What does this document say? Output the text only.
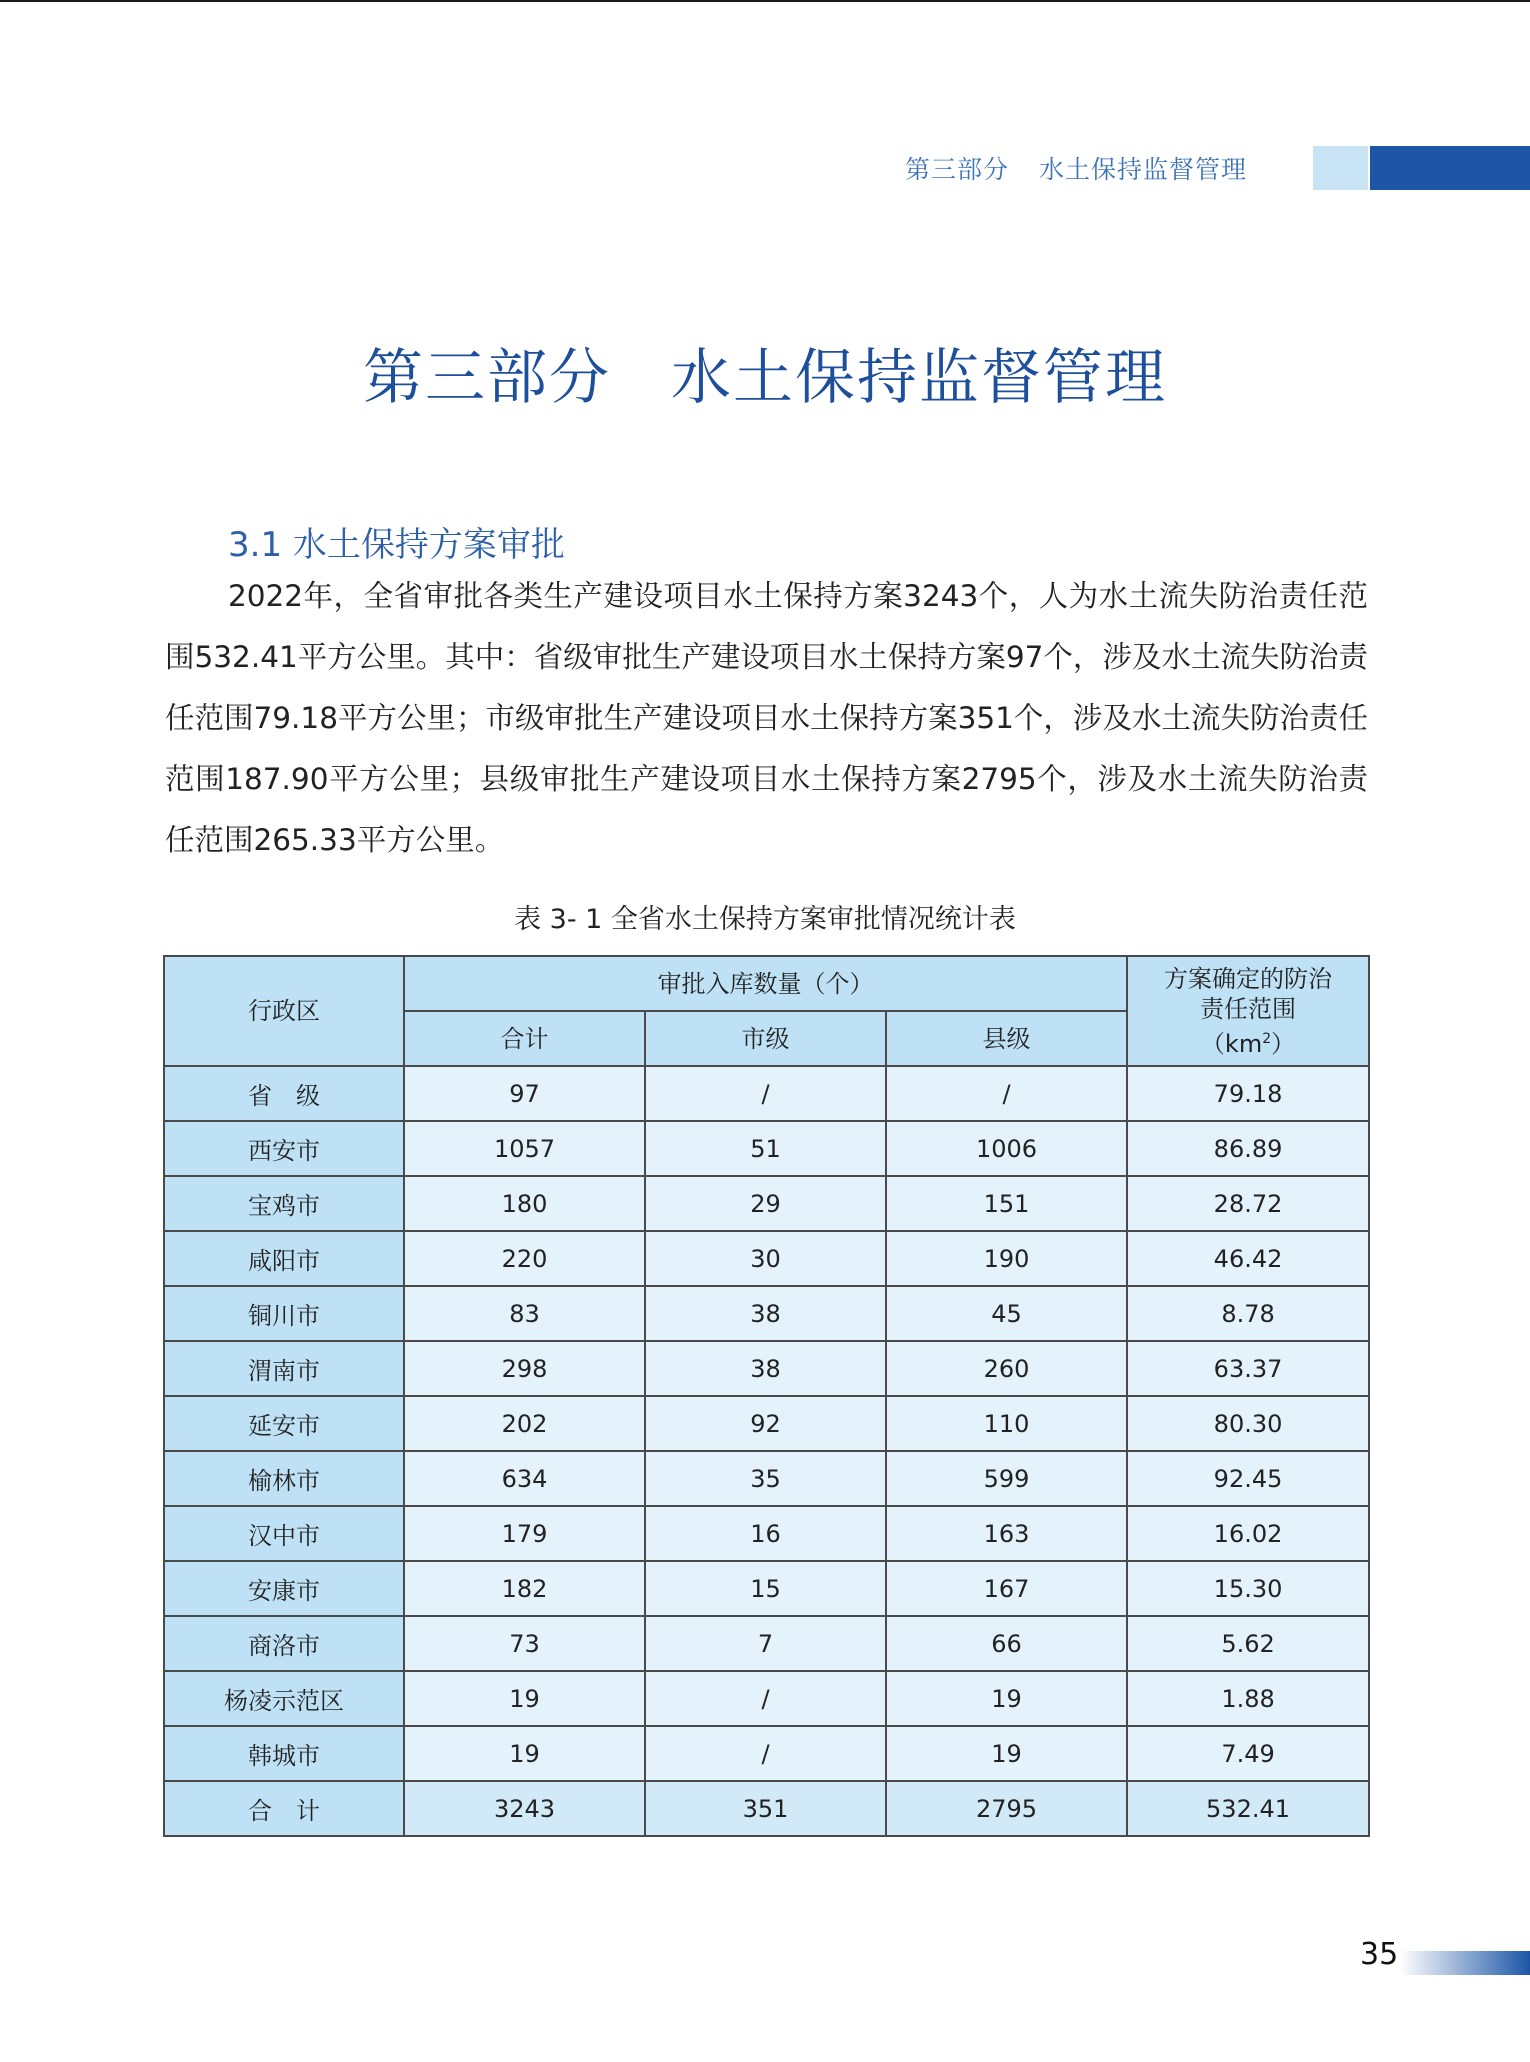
第三部分 水土保持监督管理
第三部分 水土保持监督管理
3.1 水土保持方案审批

2022年，全省审批各类生产建设项目水土保持方案3243个，人为水土流失防治责任范围532.41平方公里。其中：省级审批生产建设项目水土保持方案97个，涉及水土流失防治责任范围79.18平方公里；市级审批生产建设项目水土保持方案351个，涉及水土流失防治责任范围187.90平方公里；县级审批生产建设项目水土保持方案2795个，涉及水土流失防治责任范围265.33平方公里。

表 3- 1 全省水土保持方案审批情况统计表
行政区	审批入库数量（个）			方案确定的防治
责任范围
$(km^2)$

	合计	市级	县级	
省　级	97	/	/	79.18
西安市	1057	51	1006	86.89
宝鸡市	180	29	151	28.72
咸阳市	220	30	190	46.42
铜川市	83	38	45	8.78
渭南市	298	38	260	63.37
延安市	202	92	110	80.30
榆林市	634	35	599	92.45
汉中市	179	16	163	16.02
安康市	182	15	167	15.30
商洛市	73	7	66	5.62
杨凌示范区	19	/	19	1.88
韩城市	19	/	19	7.49
合　计	3243	351	2795	532.41
35
